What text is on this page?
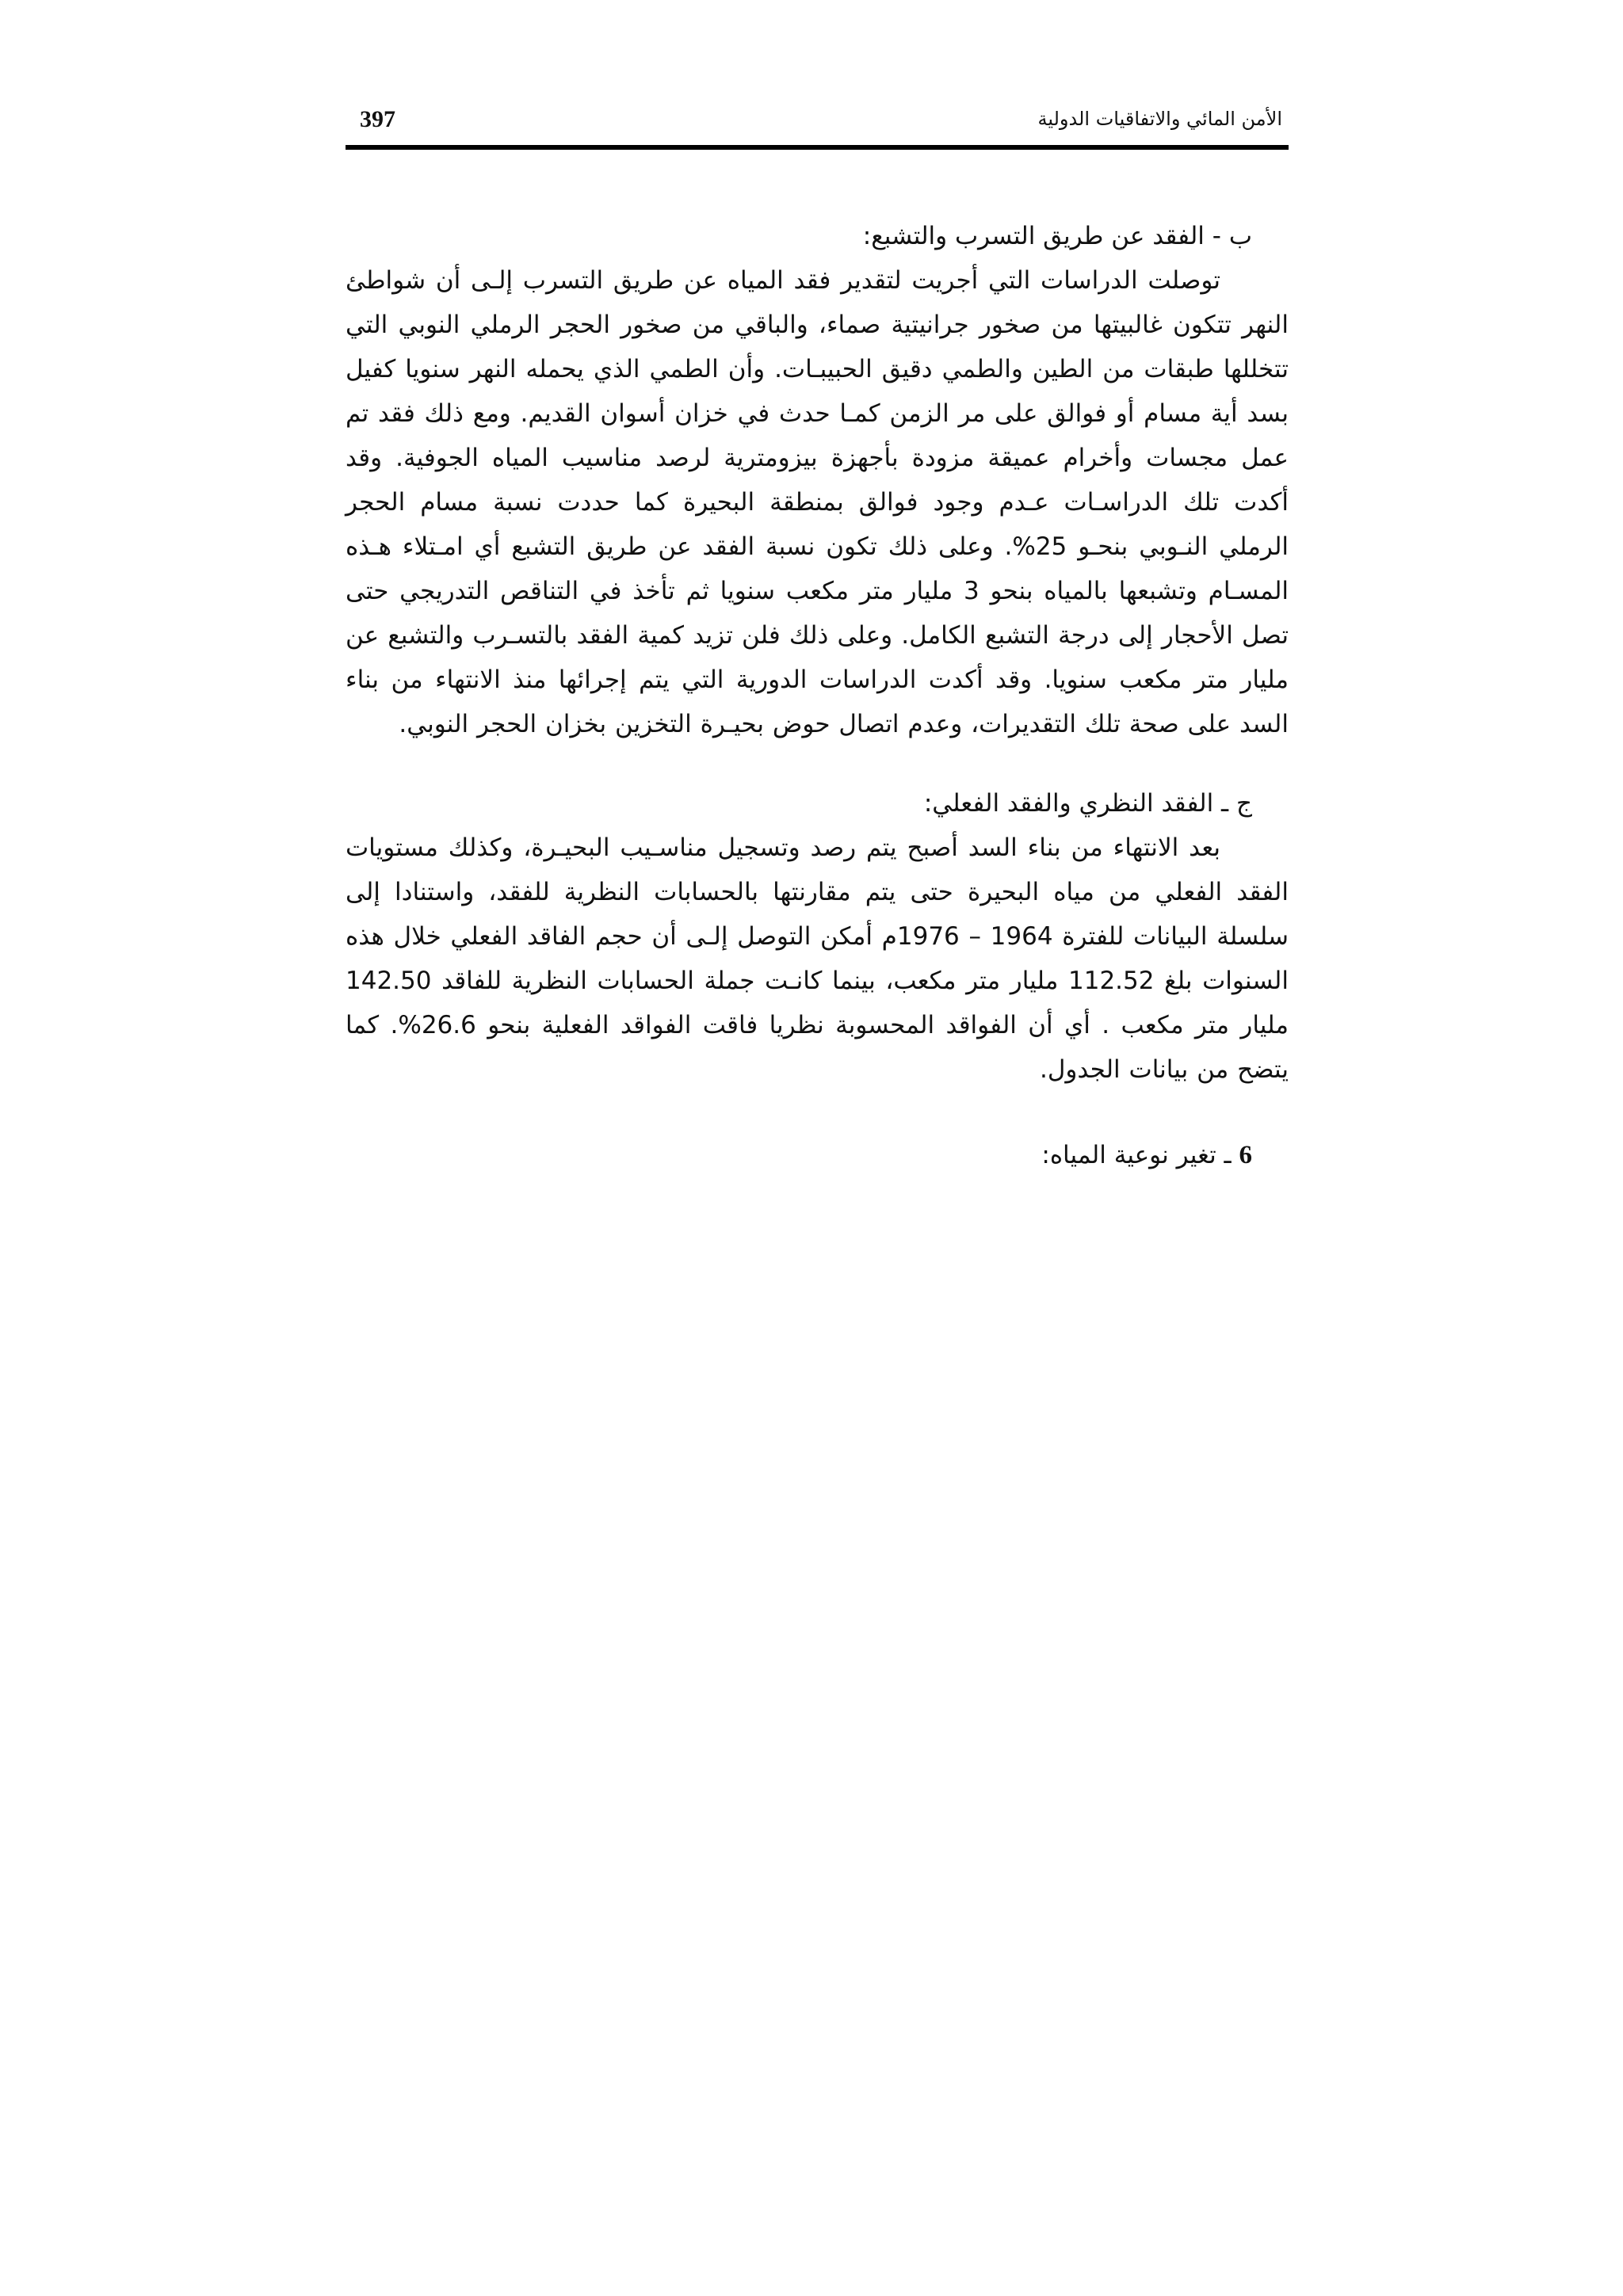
397	الأمن المائي والاتفاقيات الدولية
ب - الفقد عن طريق التسرب والتشبع:
توصلت الدراسات التي أجريت لتقدير فقد المياه عن طريق التسرب إلـى أن شواطئ النهر تتكون غالبيتها من صخور جرانيتية صماء، والباقي من صخور الحجر الرملي النوبي التي تتخللها طبقات من الطين والطمي دقيق الحبيبـات. وأن الطمي الذي يحمله النهر سنويا كفيل بسد أية مسام أو فوالق على مر الزمن كمـا حدث في خزان أسوان القديم. ومع ذلك فقد تم عمل مجسات وأخرام عميقة مزودة بأجهزة بيزومترية لرصد مناسيب المياه الجوفية. وقد أكدت تلك الدراسـات عـدم وجود فوالق بمنطقة البحيرة كما حددت نسبة مسام الحجر الرملي النـوبي بنحـو 25%. وعلى ذلك تكون نسبة الفقد عن طريق التشبع أي امـتلاء هـذه المسـام وتشبعها بالمياه بنحو 3 مليار متر مكعب سنويا ثم تأخذ في التناقص التدريجي حتى تصل الأحجار إلى درجة التشبع الكامل. وعلى ذلك فلن تزيد كمية الفقد بالتسـرب والتشبع عن مليار متر مكعب سنويا. وقد أكدت الدراسات الدورية التي يتم إجرائها منذ الانتهاء من بناء السد على صحة تلك التقديرات، وعدم اتصال حوض بحيـرة التخزين بخزان الحجر النوبي.
ج ـ الفقد النظري والفقد الفعلي:
بعد الانتهاء من بناء السد أصبح يتم رصد وتسجيل مناسـيب البحيـرة، وكذلك مستويات الفقد الفعلي من مياه البحيرة حتى يتم مقارنتها بالحسابات النظرية للفقد، واستنادا إلى سلسلة البيانات للفترة 1964 – 1976م أمكن التوصل إلـى أن حجم الفاقد الفعلي خلال هذه السنوات بلغ 112.52 مليار متر مكعب، بينما كانـت جملة الحسابات النظرية للفاقد 142.50 مليار متر مكعب . أي أن الفواقد المحسوبة نظريا فاقت الفواقد الفعلية بنحو 26.6%. كما يتضح من بيانات الجدول.
6 ـ تغير نوعية المياه:
